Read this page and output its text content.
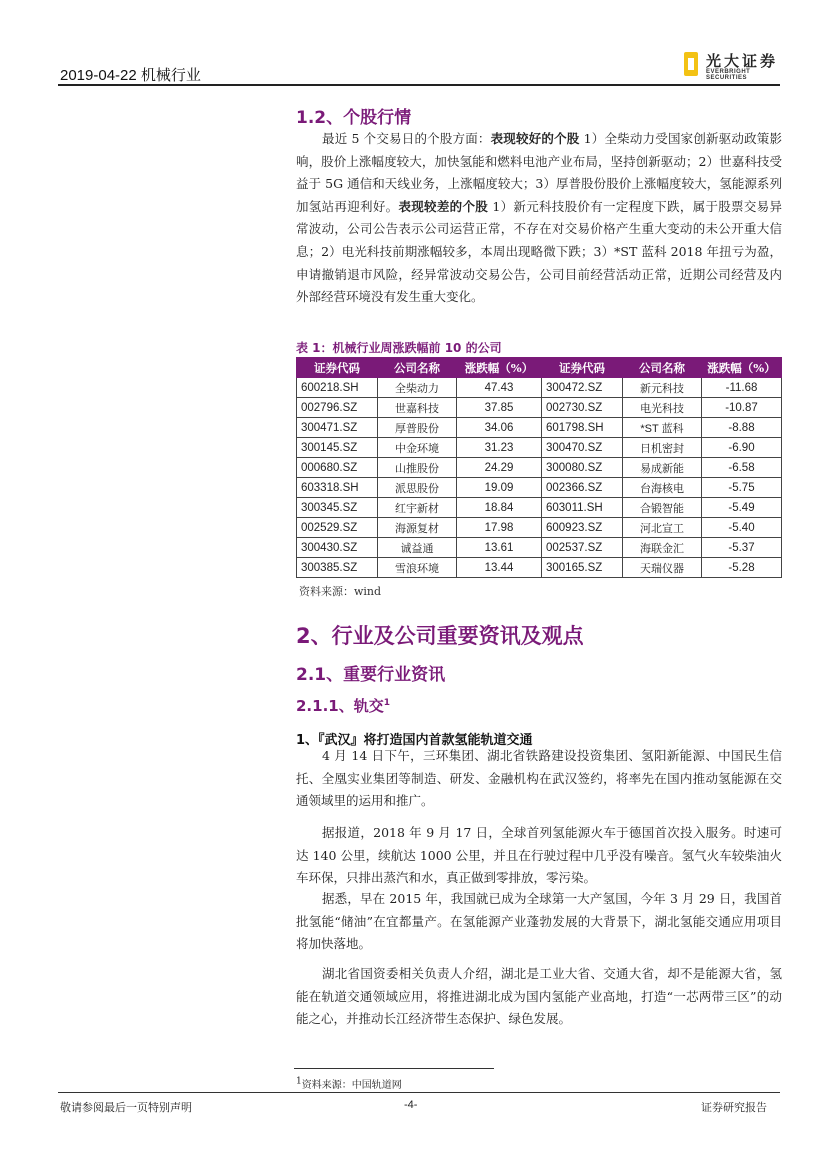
2019-04-22 机械行业
光大证券
EVERBRIGHT SECURITIES
1.2、个股行情
最近 5 个交易日的个股方面：表现较好的个股 1）全柴动力受国家创新驱动政策影响，股价上涨幅度较大，加快氢能和燃料电池产业布局，坚持创新驱动；2）世嘉科技受益于 5G 通信和天线业务，上涨幅度较大；3）厚普股份股价上涨幅度较大，氢能源系列加氢站再迎利好。表现较差的个股 1）新元科技股价有一定程度下跌，属于股票交易异常波动，公司公告表示公司运营正常，不存在对交易价格产生重大变动的未公开重大信息；2）电光科技前期涨幅较多，本周出现略微下跌；3）*ST 蓝科 2018 年扭亏为盈，申请撤销退市风险，经异常波动交易公告，公司目前经营活动正常，近期公司经营及内外部经营环境没有发生重大变化。
表 1：机械行业周涨跌幅前 10 的公司
证券代码	公司名称	涨跌幅（%）	证券代码	公司名称	涨跌幅（%）
600218.SH	全柴动力	47.43	300472.SZ	新元科技	-11.68
002796.SZ	世嘉科技	37.85	002730.SZ	电光科技	-10.87
300471.SZ	厚普股份	34.06	601798.SH	*ST 蓝科	-8.88
300145.SZ	中金环境	31.23	300470.SZ	日机密封	-6.90
000680.SZ	山推股份	24.29	300080.SZ	易成新能	-6.58
603318.SH	派思股份	19.09	002366.SZ	台海核电	-5.75
300345.SZ	红宇新材	18.84	603011.SH	合锻智能	-5.49
002529.SZ	海源复材	17.98	600923.SZ	河北宣工	-5.40
300430.SZ	诚益通	13.61	002537.SZ	海联金汇	-5.37
300385.SZ	雪浪环境	13.44	300165.SZ	天瑞仪器	-5.28
资料来源：wind
2、行业及公司重要资讯及观点
2.1、重要行业资讯
2.1.1、轨交$^1$
1、『武汉』将打造国内首款氢能轨道交通
4 月 14 日下午，三环集团、湖北省铁路建设投资集团、氢阳新能源、中国民生信托、全凰实业集团等制造、研发、金融机构在武汉签约，将率先在国内推动氢能源在交通领域里的运用和推广。
据报道，2018 年 9 月 17 日，全球首列氢能源火车于德国首次投入服务。时速可达 140 公里，续航达 1000 公里，并且在行驶过程中几乎没有噪音。氢气火车较柴油火车环保，只排出蒸汽和水，真正做到零排放，零污染。
据悉，早在 2015 年，我国就已成为全球第一大产氢国，今年 3 月 29 日，我国首批氢能“储油”在宜都量产。在氢能源产业蓬勃发展的大背景下，湖北氢能交通应用项目将加快落地。
湖北省国资委相关负责人介绍，湖北是工业大省、交通大省，却不是能源大省，氢能在轨道交通领域应用，将推进湖北成为国内氢能产业高地，打造“一芯两带三区”的动能之心，并推动长江经济带生态保护、绿色发展。
1资料来源：中国轨道网
敬请参阅最后一页特别声明	-4-	证券研究报告
